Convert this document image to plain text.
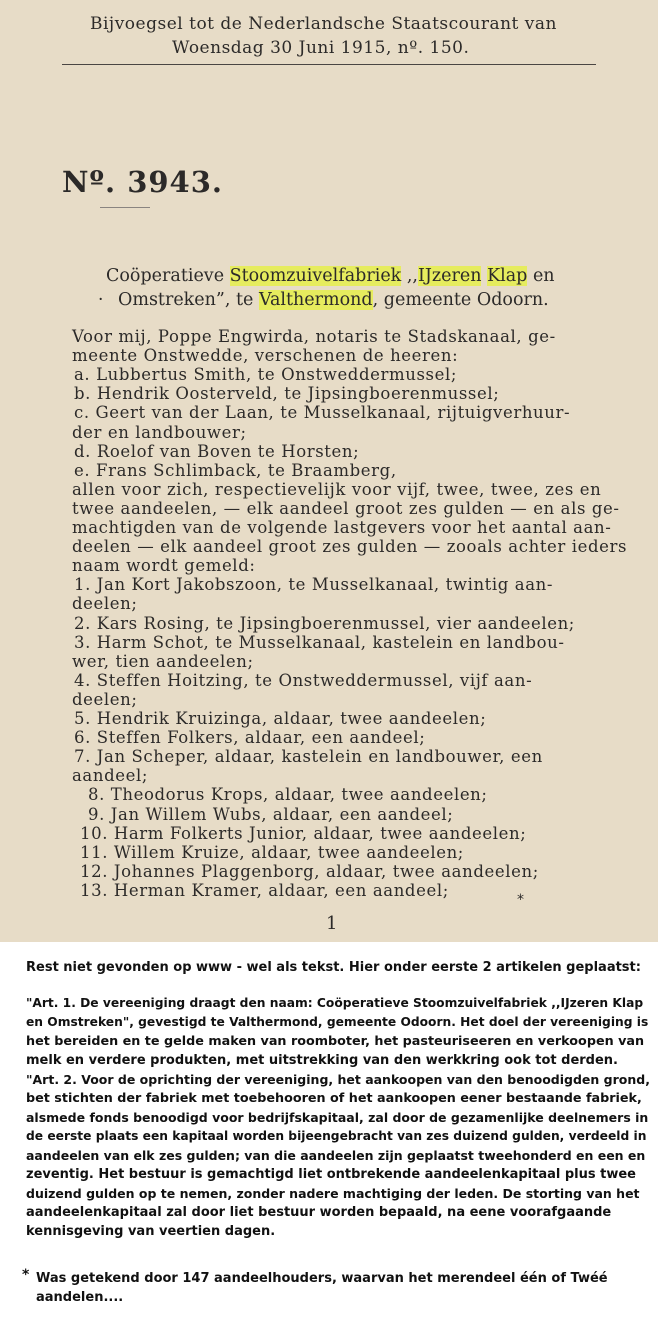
Bijvoegsel tot de Nederlandsche Staatscourant van
Woensdag 30 Juni 1915, nº. 150.
Nº. 3943.
Coöperatieve Stoomzuivelfabriek ,,IJzeren Klap en
· Omstreken”, te Valthermond, gemeente Odoorn.
Voor mij, Poppe Engwirda, notaris te Stadskanaal, ge-
meente Onstwedde, verschenen de heeren:
a. Lubbertus Smith, te Onstweddermussel;
b. Hendrik Oosterveld, te Jipsingboerenmussel;
c. Geert van der Laan, te Musselkanaal, rijtuigverhuur-
der en landbouwer;
d. Roelof van Boven te Horsten;
e. Frans Schlimback, te Braamberg,
allen voor zich, respectievelijk voor vijf, twee, twee, zes en
twee aandeelen, — elk aandeel groot zes gulden — en als ge-
machtigden van de volgende lastgevers voor het aantal aan-
deelen — elk aandeel groot zes gulden — zooals achter ieders
naam wordt gemeld:
1. Jan Kort Jakobszoon, te Musselkanaal, twintig aan-
deelen;
2. Kars Rosing, te Jipsingboerenmussel, vier aandeelen;
3. Harm Schot, te Musselkanaal, kastelein en landbou-
wer, tien aandeelen;
4. Steffen Hoitzing, te Onstweddermussel, vijf aan-
deelen;
5. Hendrik Kruizinga, aldaar, twee aandeelen;
6. Steffen Folkers, aldaar, een aandeel;
7. Jan Scheper, aldaar, kastelein en landbouwer, een
aandeel;
8. Theodorus Krops, aldaar, twee aandeelen;
9. Jan Willem Wubs, aldaar, een aandeel;
10. Harm Folkerts Junior, aldaar, twee aandeelen;
11. Willem Kruize, aldaar, twee aandeelen;
12. Johannes Plaggenborg, aldaar, twee aandeelen;
13. Herman Kramer, aldaar, een aandeel;
*
1
Rest niet gevonden op www - wel als tekst. Hier onder eerste 2 artikelen geplaatst:
"Art. 1. De vereeniging draagt den naam: Coöperatieve Stoomzuivelfabriek ,,IJzeren Klap
en Omstreken", gevestigd te Valthermond, gemeente Odoorn. Het doel der vereeniging is
het bereiden en te gelde maken van roomboter, het pasteuriseeren en verkoopen van
melk en verdere produkten, met uitstrekking van den werkkring ook tot derden.
"Art. 2. Voor de oprichting der vereeniging, het aankoopen van den benoodigden grond,
bet stichten der fabriek met toebehooren of het aankoopen eener bestaande fabriek,
alsmede fonds benoodigd voor bedrijfskapitaal, zal door de gezamenlijke deelnemers in
de eerste plaats een kapitaal worden bijeengebracht van zes duizend gulden, verdeeld in
aandeelen van elk zes gulden; van die aandeelen zijn geplaatst tweehonderd en een en
zeventig. Het bestuur is gemachtigd liet ontbrekende aandeelenkapitaal plus twee
duizend gulden op te nemen, zonder nadere machtiging der leden. De storting van het
aandeelenkapitaal zal door liet bestuur worden bepaald, na eene voorafgaande
kennisgeving van veertien dagen.
* Was getekend door 147 aandeelhouders, waarvan het merendeel één of Twéé
aandelen....
